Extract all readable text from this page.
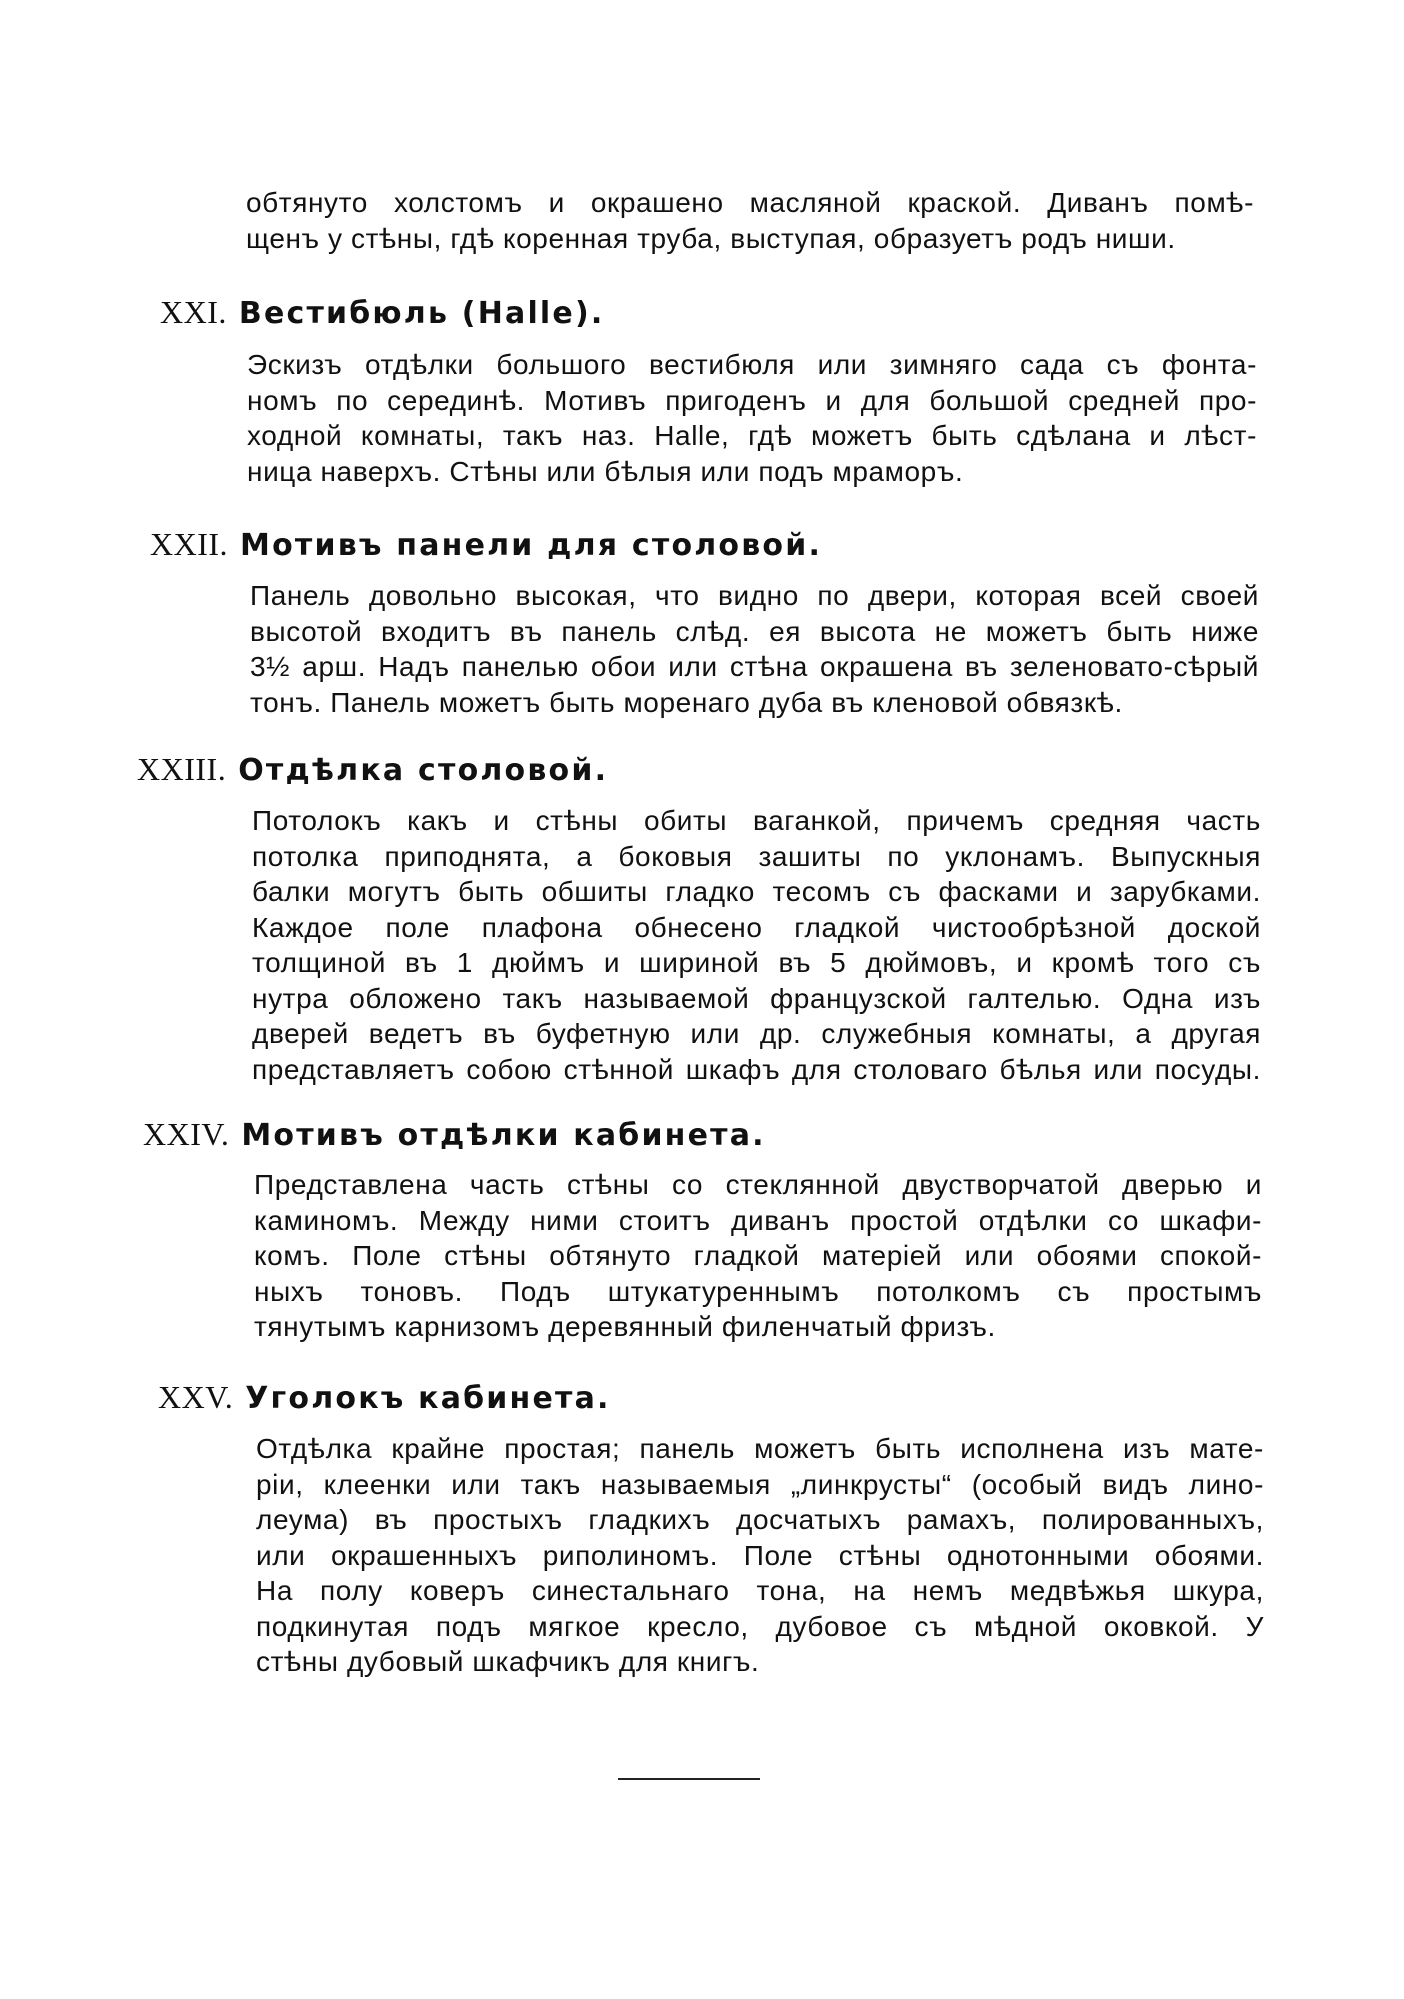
обтянуто холстомъ и окрашено масляной краской. Диванъ помѣ-
щенъ у стѣны, гдѣ коренная труба, выступая, образуетъ родъ ниши.
XXI. Вестибюль (Halle).
Эскизъ отдѣлки большого вестибюля или зимняго сада съ фонта-
номъ по серединѣ. Мотивъ пригоденъ и для большой средней про-
ходной комнаты, такъ наз. Halle, гдѣ можетъ быть сдѣлана и лѣст-
ница наверхъ. Стѣны или бѣлыя или подъ мраморъ.
XXII. Мотивъ панели для столовой.
Панель довольно высокая, что видно по двери, которая всей своей
высотой входитъ въ панель слѣд. ея высота не можетъ быть ниже
3½ арш. Надъ панелью обои или стѣна окрашена въ зеленовато-сѣрый
тонъ. Панель можетъ быть моренаго дуба въ кленовой обвязкѣ.
XXIII. Отдѣлка столовой.
Потолокъ какъ и стѣны обиты ваганкой, причемъ средняя часть
потолка приподнята, а боковыя зашиты по уклонамъ. Выпускныя
балки могутъ быть обшиты гладко тесомъ съ фасками и зарубками.
Каждое поле плафона обнесено гладкой чистообрѣзной доской
толщиной въ 1 дюймъ и шириной въ 5 дюймовъ, и кромѣ того съ
нутра обложено такъ называемой французской галтелью. Одна изъ
дверей ведетъ въ буфетную или др. служебныя комнаты, а другая
представляетъ собою стѣнной шкафъ для столоваго бѣлья или посуды.
XXIV. Мотивъ отдѣлки кабинета.
Представлена часть стѣны со стеклянной двустворчатой дверью и
каминомъ. Между ними стоитъ диванъ простой отдѣлки со шкафи-
комъ. Поле стѣны обтянуто гладкой матеріей или обоями спокой-
ныхъ тоновъ. Подъ штукатуреннымъ потолкомъ съ простымъ
тянутымъ карнизомъ деревянный филенчатый фризъ.
XXV. Уголокъ кабинета.
Отдѣлка крайне простая; панель можетъ быть исполнена изъ мате-
ріи, клеенки или такъ называемыя „линкрусты“ (особый видъ лино-
леума) въ простыхъ гладкихъ досчатыхъ рамахъ, полированныхъ,
или окрашенныхъ риполиномъ. Поле стѣны однотонными обоями.
На полу коверъ синестальнаго тона, на немъ медвѣжья шкура,
подкинутая подъ мягкое кресло, дубовое съ мѣдной оковкой. У
стѣны дубовый шкафчикъ для книгъ.
